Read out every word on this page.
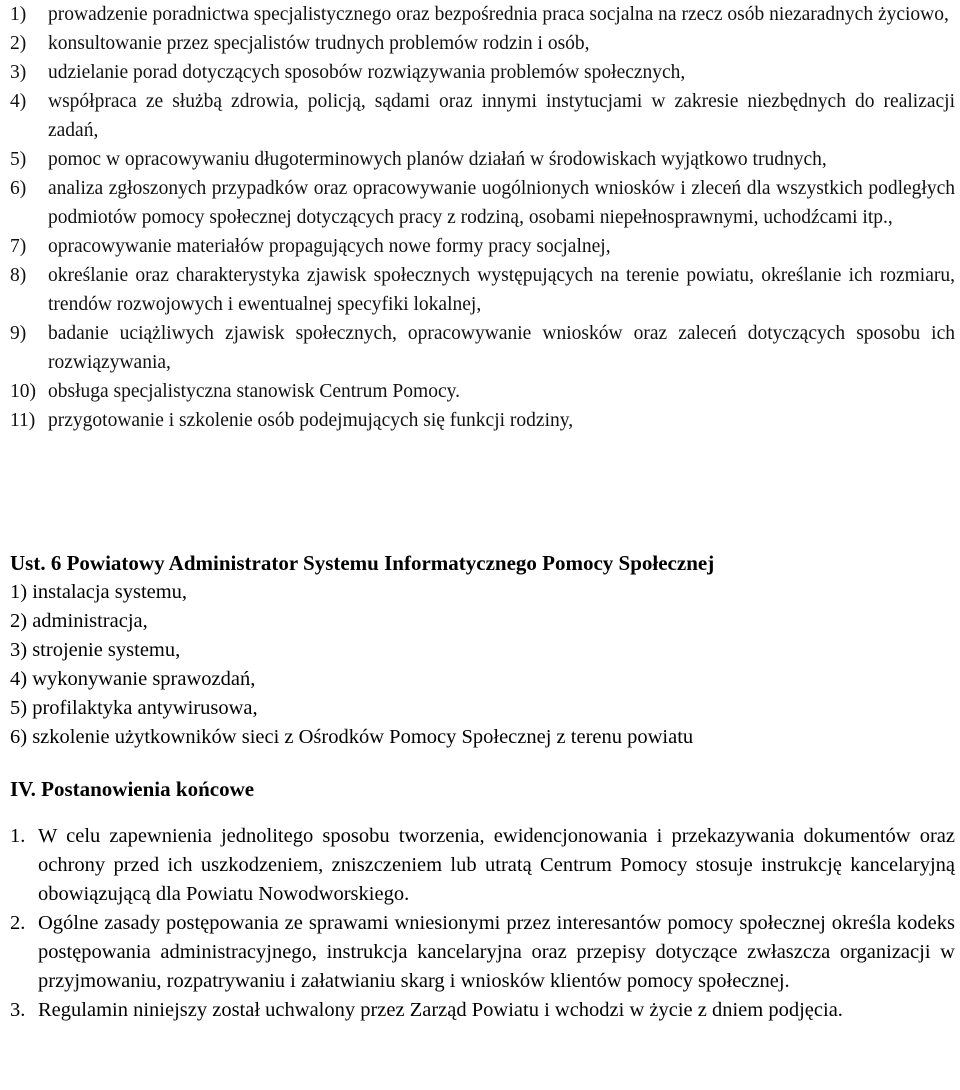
1) prowadzenie poradnictwa specjalistycznego oraz bezpośrednia praca socjalna na rzecz osób niezaradnych życiowo,
2) konsultowanie przez specjalistów trudnych problemów rodzin i osób,
3) udzielanie porad dotyczących sposobów rozwiązywania problemów społecznych,
4) współpraca ze służbą zdrowia, policją, sądami oraz innymi instytucjami w zakresie niezbędnych do realizacji zadań,
5) pomoc w opracowywaniu długoterminowych planów działań w środowiskach wyjątkowo trudnych,
6) analiza zgłoszonych przypadków oraz opracowywanie uogólnionych wniosków i zleceń dla wszystkich podległych podmiotów pomocy społecznej dotyczących pracy z rodziną, osobami niepełnosprawnymi, uchodźcami itp.,
7) opracowywanie materiałów propagujących nowe formy pracy socjalnej,
8) określanie oraz charakterystyka zjawisk społecznych występujących na terenie powiatu, określanie ich rozmiaru, trendów rozwojowych i ewentualnej specyfiki lokalnej,
9) badanie uciążliwych zjawisk społecznych, opracowywanie wniosków oraz zaleceń dotyczących sposobu ich rozwiązywania,
10) obsługa specjalistyczna stanowisk Centrum Pomocy.
11) przygotowanie i szkolenie osób podejmujących się funkcji rodziny,
Ust. 6 Powiatowy Administrator Systemu Informatycznego Pomocy Społecznej
1) instalacja systemu,
2) administracja,
3) strojenie systemu,
4) wykonywanie sprawozdań,
5) profilaktyka antywirusowa,
6) szkolenie użytkowników sieci z Ośrodków Pomocy Społecznej z terenu powiatu
IV. Postanowienia końcowe
1. W celu zapewnienia jednolitego sposobu tworzenia, ewidencjonowania i przekazywania dokumentów oraz ochrony przed ich uszkodzeniem, zniszczeniem lub utratą Centrum Pomocy stosuje instrukcję kancelaryjną obowiązującą dla Powiatu Nowodworskiego.
2. Ogólne zasady postępowania ze sprawami wniesionymi przez interesantów pomocy społecznej określa kodeks postępowania administracyjnego, instrukcja kancelaryjna oraz przepisy dotyczące zwłaszcza organizacji w przyjmowaniu, rozpatrywaniu i załatwianiu skarg i wniosków klientów pomocy społecznej.
3. Regulamin niniejszy został uchwalony przez Zarząd Powiatu i wchodzi w życie z dniem podjęcia.
